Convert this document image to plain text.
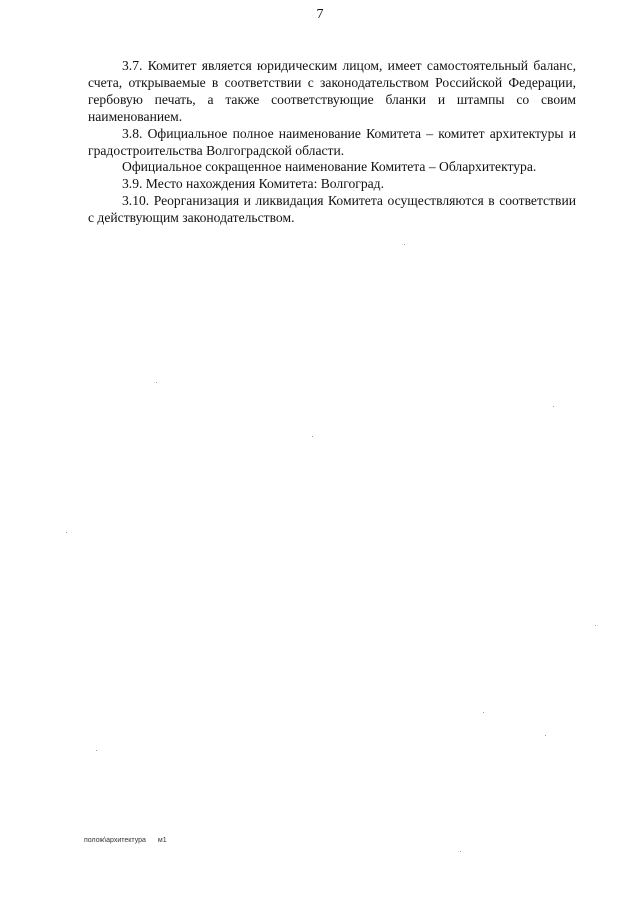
7

3.7. Комитет является юридическим лицом, имеет самостоятельный баланс, счета, открываемые в соответствии с законодательством Российской Федерации, гербовую печать, а также соответствующие бланки и штампы со своим наименованием.

3.8. Официальное полное наименование Комитета – комитет архитектуры и градостроительства Волгоградской области.

Официальное сокращенное наименование Комитета – Облархитектура.

3.9. Место нахождения Комитета: Волгоград.

3.10. Реорганизация и ликвидация Комитета осуществляются в соответствии с действующим законодательством.

полож\архитектура м1
